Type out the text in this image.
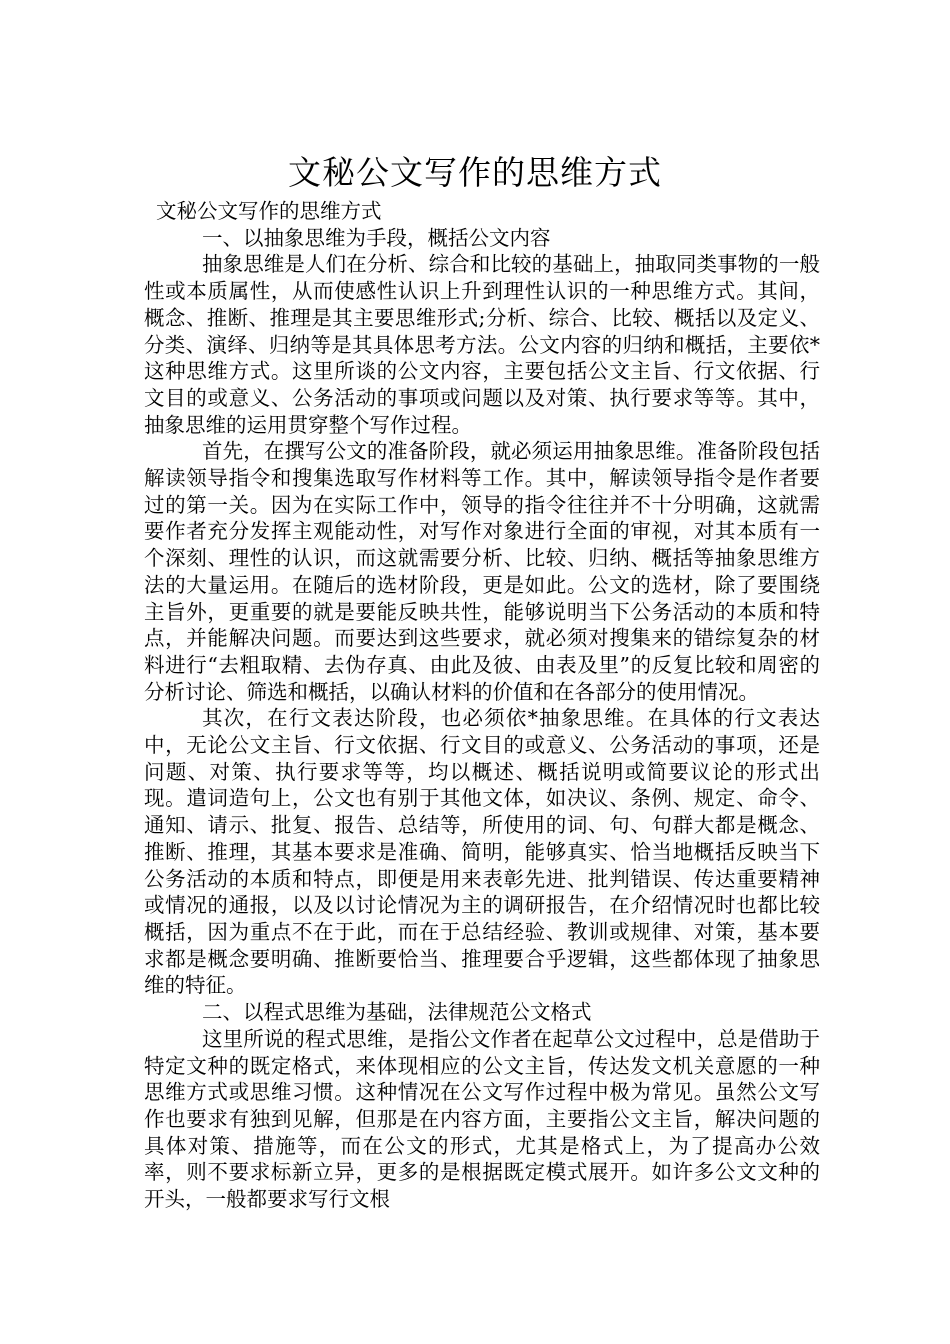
文秘公文写作的思维方式

文秘公文写作的思维方式

一、以抽象思维为手段，概括公文内容

抽象思维是人们在分析、综合和比较的基础上，抽取同类事物的一般性或本质属性，从而使感性认识上升到理性认识的一种思维方式。其间，概念、推断、推理是其主要思维形式;分析、综合、比较、概括以及定义、分类、演绎、归纳等是其具体思考方法。公文内容的归纳和概括，主要依*这种思维方式。这里所谈的公文内容，主要包括公文主旨、行文依据、行文目的或意义、公务活动的事项或问题以及对策、执行要求等等。其中，抽象思维的运用贯穿整个写作过程。

首先，在撰写公文的准备阶段，就必须运用抽象思维。准备阶段包括解读领导指令和搜集选取写作材料等工作。其中，解读领导指令是作者要过的第一关。因为在实际工作中，领导的指令往往并不十分明确，这就需要作者充分发挥主观能动性，对写作对象进行全面的审视，对其本质有一个深刻、理性的认识，而这就需要分析、比较、归纳、概括等抽象思维方法的大量运用。在随后的选材阶段，更是如此。公文的选材，除了要围绕主旨外，更重要的就是要能反映共性，能够说明当下公务活动的本质和特点，并能解决问题。而要达到这些要求，就必须对搜集来的错综复杂的材料进行“去粗取精、去伪存真、由此及彼、由表及里”的反复比较和周密的分析讨论、筛选和概括，以确认材料的价值和在各部分的使用情况。

其次，在行文表达阶段，也必须依*抽象思维。在具体的行文表达中，无论公文主旨、行文依据、行文目的或意义、公务活动的事项，还是问题、对策、执行要求等等，均以概述、概括说明或简要议论的形式出现。遣词造句上，公文也有别于其他文体，如决议、条例、规定、命令、通知、请示、批复、报告、总结等，所使用的词、句、句群大都是概念、推断、推理，其基本要求是准确、简明，能够真实、恰当地概括反映当下公务活动的本质和特点，即便是用来表彰先进、批判错误、传达重要精神或情况的通报，以及以讨论情况为主的调研报告，在介绍情况时也都比较概括，因为重点不在于此，而在于总结经验、教训或规律、对策，基本要求都是概念要明确、推断要恰当、推理要合乎逻辑，这些都体现了抽象思维的特征。

二、以程式思维为基础，法律规范公文格式

这里所说的程式思维，是指公文作者在起草公文过程中，总是借助于特定文种的既定格式，来体现相应的公文主旨，传达发文机关意愿的一种思维方式或思维习惯。这种情况在公文写作过程中极为常见。虽然公文写作也要求有独到见解，但那是在内容方面，主要指公文主旨，解决问题的具体对策、措施等，而在公文的形式，尤其是格式上，为了提高办公效率，则不要求标新立异，更多的是根据既定模式展开。如许多公文文种的开头，一般都要求写行文根
